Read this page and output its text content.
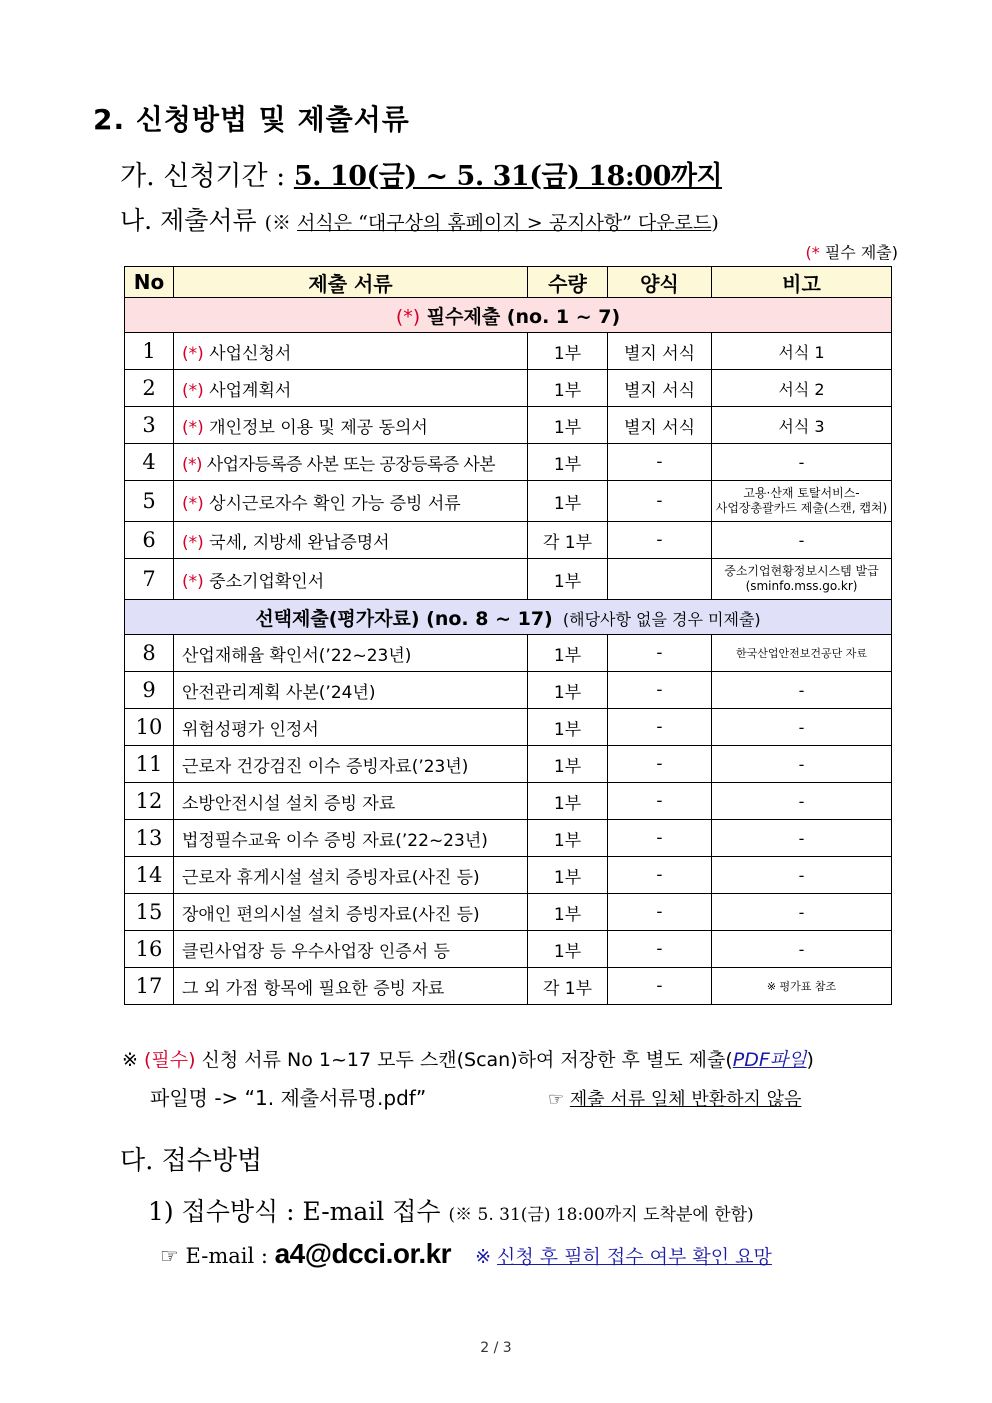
2. 신청방법 및 제출서류
가. 신청기간 : 5. 10(금) ~ 5. 31(금) 18:00까지
나. 제출서류 (※ 서식은 “대구상의 홈페이지 > 공지사항” 다운로드)
(* 필수 제출)
No	제출 서류	수량	양식	비고
(*) 필수제출 (no. 1 ~ 7)				
1	(*) 사업신청서	1부	별지 서식	서식 1
2	(*) 사업계획서	1부	별지 서식	서식 2
3	(*) 개인정보 이용 및 제공 동의서	1부	별지 서식	서식 3
4	(*) 사업자등록증 사본 또는 공장등록증 사본	1부	-	-
5	(*) 상시근로자수 확인 가능 증빙 서류	1부	-	고용·산재 토탈서비스-
사업장총괄카드 제출(스캔, 캡쳐)

6	(*) 국세, 지방세 완납증명서	각 1부	-	-
7	(*) 중소기업확인서	1부		중소기업현황정보시스템 발급
(sminfo.mss.go.kr)

선택제출(평가자료) (no. 8 ~ 17)  (해당사항 없을 경우 미제출)				
8	산업재해율 확인서(’22~23년)	1부	-	한국산업안전보건공단 자료
9	안전관리계획 사본(’24년)	1부	-	-
10	위험성평가 인정서	1부	-	-
11	근로자 건강검진 이수 증빙자료(’23년)	1부	-	-
12	소방안전시설 설치 증빙 자료	1부	-	-
13	법정필수교육 이수 증빙 자료(’22~23년)	1부	-	-
14	근로자 휴게시설 설치 증빙자료(사진 등)	1부	-	-
15	장애인 편의시설 설치 증빙자료(사진 등)	1부	-	-
16	클린사업장 등 우수사업장 인증서 등	1부	-	-
17	그 외 가점 항목에 필요한 증빙 자료	각 1부	-	※ 평가표 참조
※ (필수) 신청 서류 No 1~17 모두 스캔(Scan)하여 저장한 후 별도 제출(PDF파일)
파일명 -> “1. 제출서류명.pdf”	☞ 제출 서류 일체 반환하지 않음
다. 접수방법
1) 접수방식 : E-mail 접수 (※ 5. 31(금) 18:00까지 도착분에 한함)
☞ E-mail : a4@dcci.or.kr ※ 신청 후 필히 접수 여부 확인 요망
2 / 3
